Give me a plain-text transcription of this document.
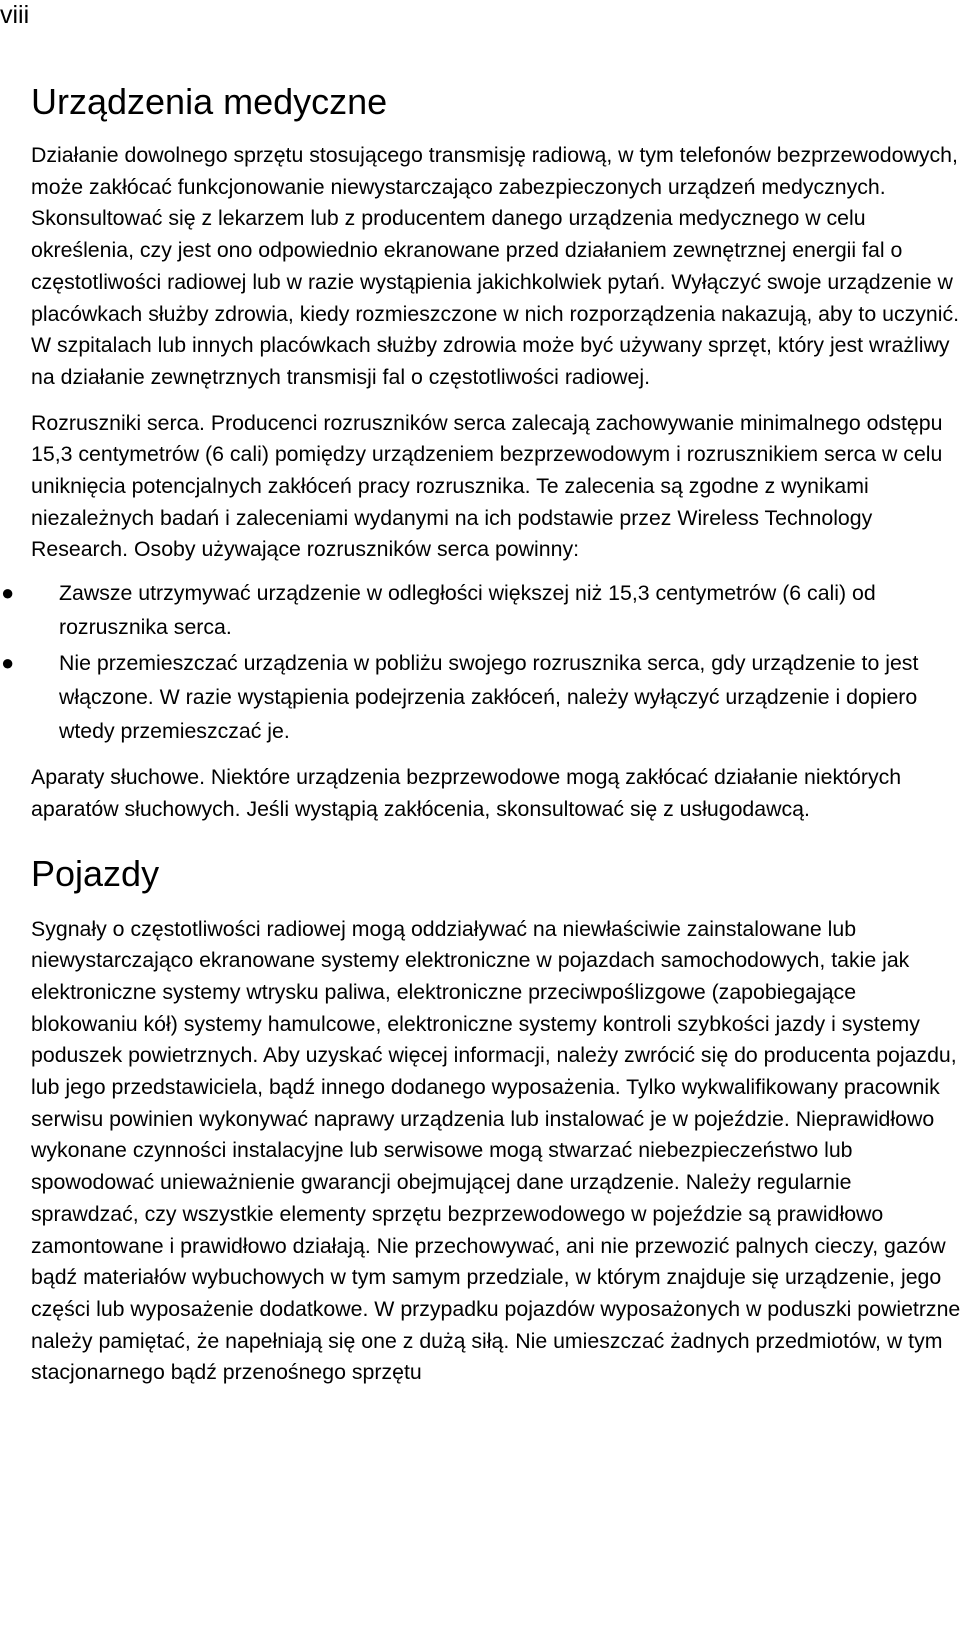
viii
Urządzenia medyczne

Działanie dowolnego sprzętu stosującego transmisję radiową, w tym telefonów bezprzewodowych, może zakłócać funkcjonowanie niewystarczająco zabezpieczonych urządzeń medycznych. Skonsultować się z lekarzem lub z producentem danego urządzenia medycznego w celu określenia, czy jest ono odpowiednio ekranowane przed działaniem zewnętrznej energii fal o częstotliwości radiowej lub w razie wystąpienia jakichkolwiek pytań. Wyłączyć swoje urządzenie w placówkach służby zdrowia, kiedy rozmieszczone w nich rozporządzenia nakazują, aby to uczynić. W szpitalach lub innych placówkach służby zdrowia może być używany sprzęt, który jest wrażliwy na działanie zewnętrznych transmisji fal o częstotliwości radiowej.

Rozruszniki serca. Producenci rozruszników serca zalecają zachowywanie minimalnego odstępu 15,3 centymetrów (6 cali) pomiędzy urządzeniem bezprzewodowym i rozrusznikiem serca w celu uniknięcia potencjalnych zakłóceń pracy rozrusznika. Te zalecenia są zgodne z wynikami niezależnych badań i zaleceniami wydanymi na ich podstawie przez Wireless Technology Research. Osoby używające rozruszników serca powinny:

● Zawsze utrzymywać urządzenie w odległości większej niż 15,3 centymetrów (6 cali) od rozrusznika serca.
● Nie przemieszczać urządzenia w pobliżu swojego rozrusznika serca, gdy urządzenie to jest włączone. W razie wystąpienia podejrzenia zakłóceń, należy wyłączyć urządzenie i dopiero wtedy przemieszczać je.

Aparaty słuchowe. Niektóre urządzenia bezprzewodowe mogą zakłócać działanie niektórych aparatów słuchowych. Jeśli wystąpią zakłócenia, skonsultować się z usługodawcą.

Pojazdy

Sygnały o częstotliwości radiowej mogą oddziaływać na niewłaściwie zainstalowane lub niewystarczająco ekranowane systemy elektroniczne w pojazdach samochodowych, takie jak elektroniczne systemy wtrysku paliwa, elektroniczne przeciwpoślizgowe (zapobiegające blokowaniu kół) systemy hamulcowe, elektroniczne systemy kontroli szybkości jazdy i systemy poduszek powietrznych. Aby uzyskać więcej informacji, należy zwrócić się do producenta pojazdu, lub jego przedstawiciela, bądź innego dodanego wyposażenia. Tylko wykwalifikowany pracownik serwisu powinien wykonywać naprawy urządzenia lub instalować je w pojeździe. Nieprawidłowo wykonane czynności instalacyjne lub serwisowe mogą stwarzać niebezpieczeństwo lub spowodować unieważnienie gwarancji obejmującej dane urządzenie. Należy regularnie sprawdzać, czy wszystkie elementy sprzętu bezprzewodowego w pojeździe są prawidłowo zamontowane i prawidłowo działają. Nie przechowywać, ani nie przewozić palnych cieczy, gazów bądź materiałów wybuchowych w tym samym przedziale, w którym znajduje się urządzenie, jego części lub wyposażenie dodatkowe. W przypadku pojazdów wyposażonych w poduszki powietrzne należy pamiętać, że napełniają się one z dużą siłą. Nie umieszczać żadnych przedmiotów, w tym stacjonarnego bądź przenośnego sprzętu
